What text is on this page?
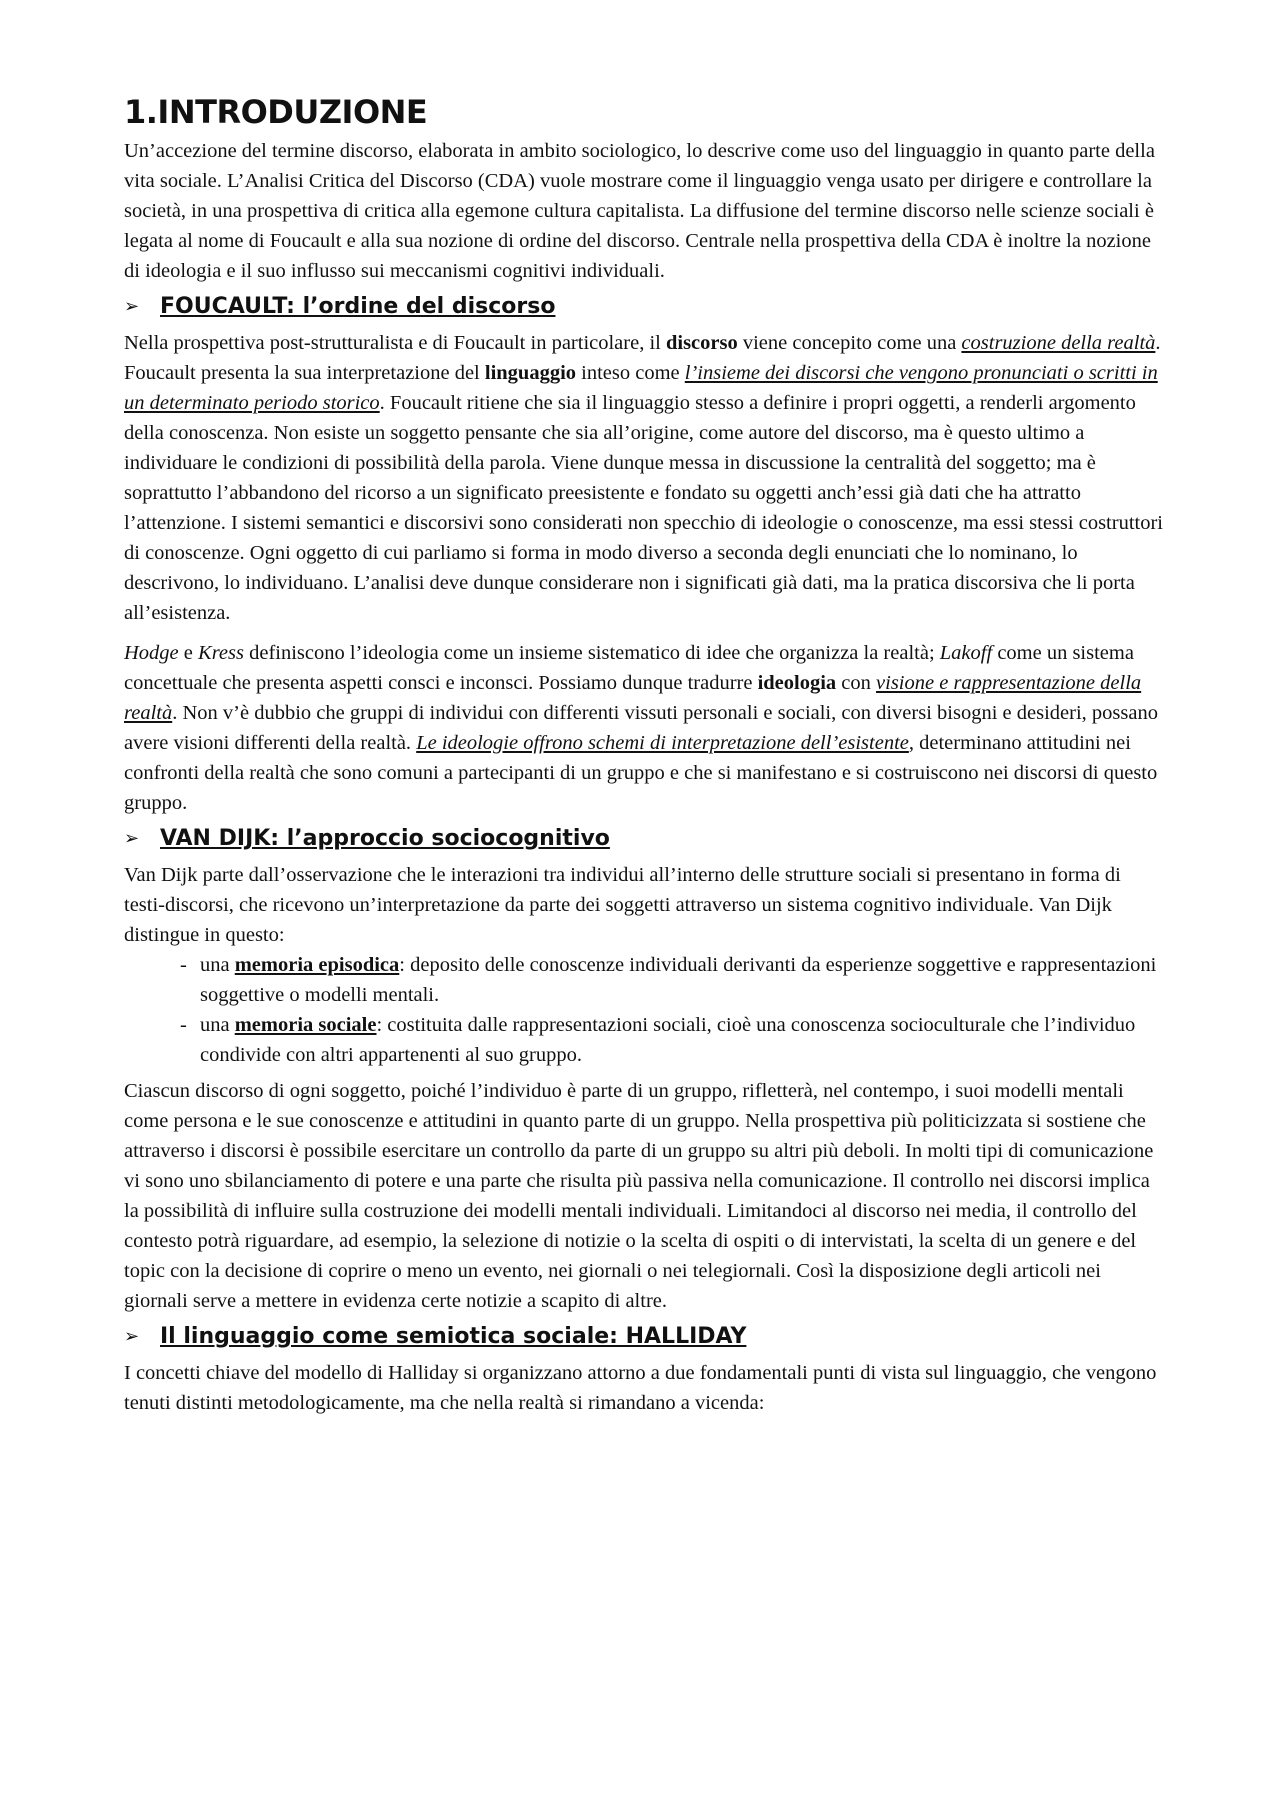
1.INTRODUZIONE

Un’accezione del termine discorso, elaborata in ambito sociologico, lo descrive come uso del linguaggio in quanto parte della vita sociale. L’Analisi Critica del Discorso (CDA) vuole mostrare come il linguaggio venga usato per dirigere e controllare la società, in una prospettiva di critica alla egemone cultura capitalista. La diffusione del termine discorso nelle scienze sociali è legata al nome di Foucault e alla sua nozione di ordine del discorso. Centrale nella prospettiva della CDA è inoltre la nozione di ideologia e il suo influsso sui meccanismi cognitivi individuali.

➢ FOUCAULT: l’ordine del discorso

Nella prospettiva post-strutturalista e di Foucault in particolare, il discorso viene concepito come una costruzione della realtà. Foucault presenta la sua interpretazione del linguaggio inteso come l’insieme dei discorsi che vengono pronunciati o scritti in un determinato periodo storico. Foucault ritiene che sia il linguaggio stesso a definire i propri oggetti, a renderli argomento della conoscenza. Non esiste un soggetto pensante che sia all’origine, come autore del discorso, ma è questo ultimo a individuare le condizioni di possibilità della parola. Viene dunque messa in discussione la centralità del soggetto; ma è soprattutto l’abbandono del ricorso a un significato preesistente e fondato su oggetti anch’essi già dati che ha attratto l’attenzione. I sistemi semantici e discorsivi sono considerati non specchio di ideologie o conoscenze, ma essi stessi costruttori di conoscenze. Ogni oggetto di cui parliamo si forma in modo diverso a seconda degli enunciati che lo nominano, lo descrivono, lo individuano. L’analisi deve dunque considerare non i significati già dati, ma la pratica discorsiva che li porta all’esistenza.

Hodge e Kress definiscono l’ideologia come un insieme sistematico di idee che organizza la realtà; Lakoff come un sistema concettuale che presenta aspetti consci e inconsci. Possiamo dunque tradurre ideologia con visione e rappresentazione della realtà. Non v’è dubbio che gruppi di individui con differenti vissuti personali e sociali, con diversi bisogni e desideri, possano avere visioni differenti della realtà. Le ideologie offrono schemi di interpretazione dell’esistente, determinano attitudini nei confronti della realtà che sono comuni a partecipanti di un gruppo e che si manifestano e si costruiscono nei discorsi di questo gruppo.

➢ VAN DIJK: l’approccio sociocognitivo

Van Dijk parte dall’osservazione che le interazioni tra individui all’interno delle strutture sociali si presentano in forma di testi-discorsi, che ricevono un’interpretazione da parte dei soggetti attraverso un sistema cognitivo individuale. Van Dijk distingue in questo:

- una memoria episodica: deposito delle conoscenze individuali derivanti da esperienze soggettive e rappresentazioni soggettive o modelli mentali.
- una memoria sociale: costituita dalle rappresentazioni sociali, cioè una conoscenza socioculturale che l’individuo condivide con altri appartenenti al suo gruppo.

Ciascun discorso di ogni soggetto, poiché l’individuo è parte di un gruppo, rifletterà, nel contempo, i suoi modelli mentali come persona e le sue conoscenze e attitudini in quanto parte di un gruppo. Nella prospettiva più politicizzata si sostiene che attraverso i discorsi è possibile esercitare un controllo da parte di un gruppo su altri più deboli. In molti tipi di comunicazione vi sono uno sbilanciamento di potere e una parte che risulta più passiva nella comunicazione. Il controllo nei discorsi implica la possibilità di influire sulla costruzione dei modelli mentali individuali. Limitandoci al discorso nei media, il controllo del contesto potrà riguardare, ad esempio, la selezione di notizie o la scelta di ospiti o di intervistati, la scelta di un genere e del topic con la decisione di coprire o meno un evento, nei giornali o nei telegiornali. Così la disposizione degli articoli nei giornali serve a mettere in evidenza certe notizie a scapito di altre.

➢ Il linguaggio come semiotica sociale: HALLIDAY

I concetti chiave del modello di Halliday si organizzano attorno a due fondamentali punti di vista sul linguaggio, che vengono tenuti distinti metodologicamente, ma che nella realtà si rimandano a vicenda:
